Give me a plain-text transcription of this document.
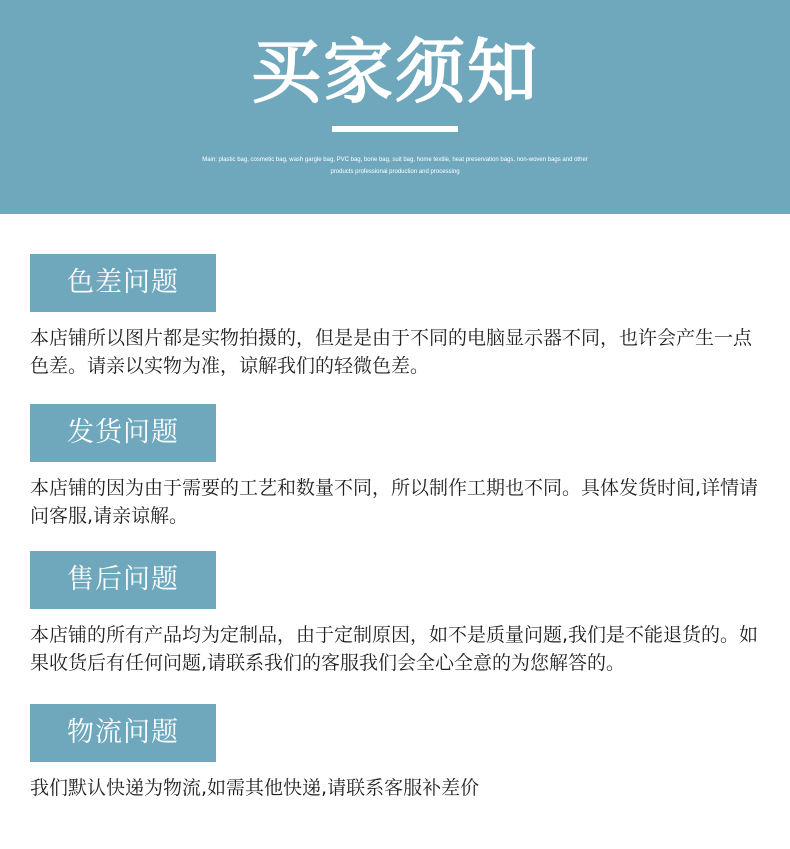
买家须知
Main: plastic bag, cosmetic bag, wash gargle bag, PVC bag, bone bag, suit bag, home textile, heat preservation bags, non-woven bags and other products professional production and processing
色差问题
本店铺所以图片都是实物拍摄的，但是是由于不同的电脑显示器不同，也许会产生一点色差。请亲以实物为准，谅解我们的轻微色差。
发货问题
本店铺的因为由于需要的工艺和数量不同，所以制作工期也不同。具体发货时间,详情请问客服,请亲谅解。
售后问题
本店铺的所有产品均为定制品，由于定制原因，如不是质量问题,我们是不能退货的。如果收货后有任何问题,请联系我们的客服我们会全心全意的为您解答的。
物流问题
我们默认快递为物流,如需其他快递,请联系客服补差价
